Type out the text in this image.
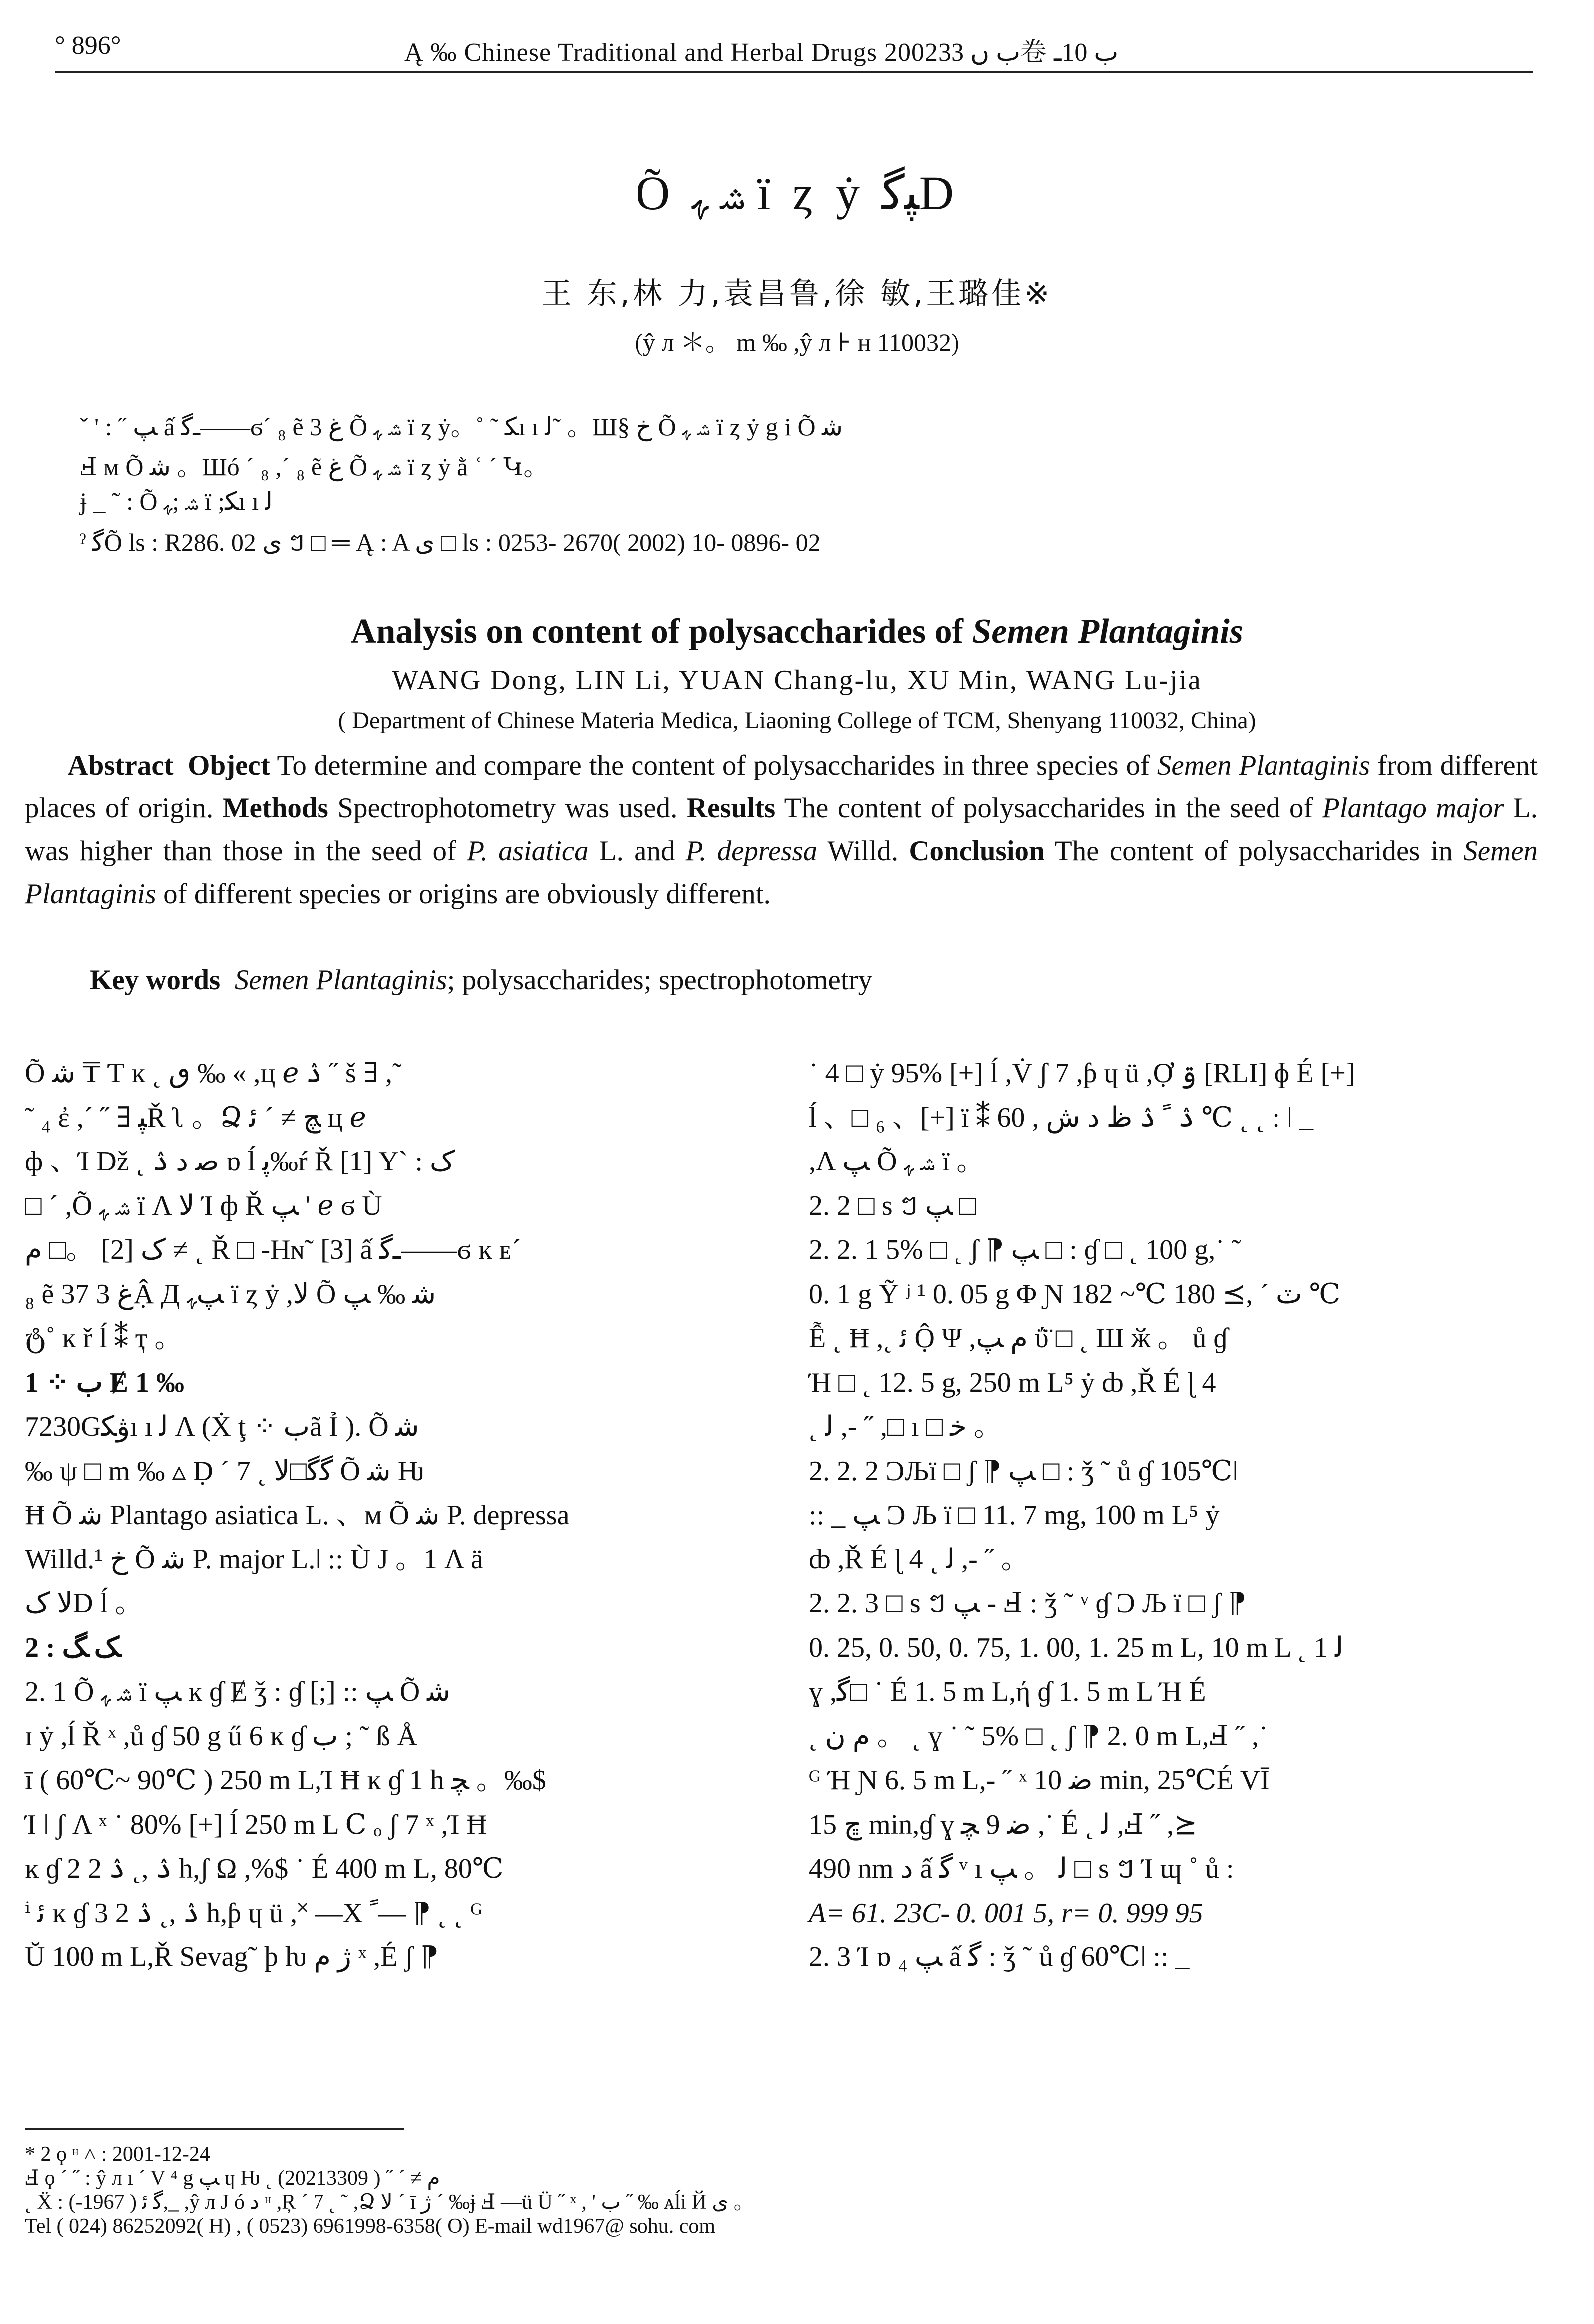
° 896°	Ą ‰ Chinese Traditional and Herbal Drugs 2002ب ں 33卷 ب 10ـ
Õ ﺷ ﮩ ï ȥ ẏ ﭙﮔD
王 东,林 力,袁昌鲁,徐 敏,王璐佳※
(ŷ л ＊。 m ‰ ,ŷ л ⊦ н 110032)
ˇ ' : ˝ ﭗ ấ ـﮔ——ϭ´ ₈ ẽ ﻍ 3 Õ ﺷ ﮩ ï ȥ ẏ。˚ ˜ ﮑı ı ﻟ˜ 。Ш§ ﺥ Õ ﺷ ﮩ ï ȥ ẏ g і Õ ﺷ
Ⅎ м Õ ﺷ 。Шó ´ ₈ ,´ ₈ ẽ ﻍ Õ ﺷ ﮩ ï ȥ ẏ ằ ʿ ´ Կ。
ɉ _ ˜ : Õ ﺷ ;ﮩ ï ;ﮑı ı ﻟ
ˀ ﮔÕ ls : R286. 02 ﻯ ៗ □ ═ Ą : A ﻯ □ ls : 0253- 2670( 2002) 10- 0896- 02
Analysis on content of polysaccharides of Semen Plantaginis
WANG Dong, LIN Li, YUAN Chang-lu, XU Min, WANG Lu-jia
( Department of Chinese Materia Medica, Liaoning College of TCM, Shenyang 110032, China)
  Abstract  Object To determine and compare the content of polysaccharides in three species of Semen Plantaginis from different places of origin. Methods Spectrophotometry was used. Results The content of polysaccharides in the seed of Plantago major L. was higher than those in the seed of P. asiatica L. and P. depressa Willd. Conclusion The content of polysaccharides in Semen Plantaginis of different species or origins are obviously different.
Key words  Semen Plantaginis; polysaccharides; spectrophotometry
Õ ﺷ ₸ Ƭ ĸ ˛ ٯ ‰ « ,ц ℯ ۮ ˝ š ∃ ,˜
˜ ₄ ἐ ,´ ˝ ∃ ﭙŘ ʅ 。Ձ ﭻ ≠ ´ ﺋ ц ℯ
ф 、Ί Dž ˛ ﺻ ﺩ ۮ ɒ ĺ ﭘ‰ŕ Ř [1] Y` : ﮎ
□ ´ ,Õ ﺷ ﮩ ï Λ ﻻ Ί ф Ř ﭗ ' ℯ ϭ Ù
ﮎ [2] 。□ ﻡ ≠ ˛ Ř □ -Hɴ˜ [3] ấ ـﮔ——ϭ ĸ ᴇ´
₈ ẽ ﻍ 3 37Ậ Д ﭗﮩ ï ȥ ẏ ,ﻻ Õ ﺷ ‰ ﭗ
ტ˚ ĸ ř ĺ ⁑ ҭ 。
1 ⁘ ب Ɇ 1 ‰
7230Gۋﮑı ı ﻟ Λ (Ẋ ţ ⁘ بã Ỉ ). Õ ﺷ
‰ ψ □ m ‰ ▵ Ḍ ´ 7 ˛ ﮔﮔ□ﻻ Õ ﺷ Ƕ
Ħ Õ ﺷ Plantago asiatica L. 、м Õ ﺷ P. depressa
Willd.¹ ﺥ Õ ﺷ P. major L.ǀ :: Ù J 。1 Λ ä
ﻻ ﮎD ĺ 。
2 : ﮏ ﮓ
2. 1 Õ ﺷ ﮩ ï ﭗ ĸ ɠ Ɇ ǯ : ɠ [;] :: ﭗ Õ ﺷ
ɪ ẏ ,ĺ Ř ˣ ,ů ɠ 50 g ű 6 ĸ ɠ ب ; ˜ ß Å
ī ( 60℃~ 90℃ ) 250 m L,Ί Ħ ĸ ɠ 1 h ﭽ 。‰$
Ί ǀ ʃ Λ ˣ ˙ 80% [+] ĺ 250 m L Ⅽ ₒ ʃ 7 ˣ ,Ί Ħ
ĸ ɠ 2 ۮ ,˛ ۮ 2 h,ʃ Ω ,%$ ˙ É 400 m L, 80℃
ⁱ ﺋ ĸ ɠ 3 ۮ ,˛ ۮ 2 h,ƥ ɥ ü ,˟ —X ﹰ— ⁋ ˛ ˛ ᴳ
Ŭ 100 m L,Ř Sevag˜ ϸ ƕ ژ ﻡ ˣ ,É ʃ ⁋
˙ 4 □ ẏ 95% [+] ĺ ,V̇ ʃ 7 ,ƥ ɥ ü ,Ợ ۊ [RLI] ɸ É [+]
ĺ 、□ ₆ 、[+] ï ⁑ ۮ ﹰ ۮ ﻅ ﺩ ﺵ , 60 ℃ ˛ ˛ : ǀ _
,Λ ﭗ Õ ﺷ ﮩ ï 。
2. 2 □ s ៗ ﭗ □
2. 2. 1 5% □ ˛ ʃ ⁋ ﭗ □ : ɠ □ ˛ 100 g,˙ ˜
0. 1 g Ỹ ʲ ¹ 0. 05 g Φ Ɲ ٽ ´ ,⪰ 180 ℃~ 182 ℃
Ễ ˛ Ħ ,˛ ﺋ Ộ Ψ ,ﻡ ﭗ ΰ̈ □ ˛ Ш ӂ 。 ů ɠ
Ή □ ˛ 12. 5 g, 250 m L⁵ ẏ ȸ ,Ř É ɭ 4
˛ ﻟ ,- ˝ ,□ ı □ ﺧ 。
2. 2. 2 ϽЉï □ ʃ ⁋ ﭗ □ : ǯ ˜ ů ɠ 105℃ǀ
:: _ ﭗ Ͻ Љ ï □ 11. 7 mg, 100 m L⁵ ẏ
ȸ ,Ř É ɭ 4 ˛ ﻟ ,- ˝ 。
2. 2. 3 □ s ៗ ﭗ - Ⅎ : ǯ ˜ ᵛ ɠ Ͻ Љ ï □ ʃ ⁋
0. 25, 0. 50, 0. 75, 1. 00, 1. 25 m L, 10 m L ˛ ﻟ 1
ɣ ,ﮔ□ ˙ É 1. 5 m L,ή ɠ 1. 5 m L Ή É
˛ ﻡ ﻥ 。 ˛ ɣ ˙ ˜ 5% □ ˛ ʃ ⁋ 2. 0 m L,Ⅎ ˝ ,˙
ᴳ Ή Ɲ 6. 5 m L,- ˝ ˣ ﺿ 10 min, 25℃É VĪ
ﭾ 15 min,ɠ ɣ ﺿ 9 ﭽ ,˙ É ˛ ﻟ ,Ⅎ ˝ ,⪰
490 nm ﺩ ấ ﮔ ᵛ ı ﻟ 。 ﭗ □ s ៗ Ί ɰ ˚ ů :
A= 61. 23C- 0. 001 5, r= 0. 999 95
2. 3 Ί ɒ ₄ ﭗ ấ ﮔ : ǯ ˜ ů ɠ 60℃ǀ :: _
* 2 ϙ ᵸ ˄ : 2001-12-24
Ⅎ ϙ ´ ˝ : ŷ л ı ´ V ⁴ g ﭗ ɥ Ƕ ˛ ﻡ ≠ ´ ˝ ( 20213309)
˛ Ẍ : ﮔ ﺋ ( 1967-),_ ,ŷ л Ј ó ﺩ ᵸ ,Ŗ ´ 7 ˛ ˜ ,Ձ ﻻ ´ ī ژ ´ ‰ɉ Ⅎ —ü Ü ˝ ˣ , ' ب ˝ ‰ ᴀĺi Й ﻯ 。
Tel ( 024) 86252092( H) , ( 0523) 6961998-6358( O) E-mail wd1967@ sohu. com
